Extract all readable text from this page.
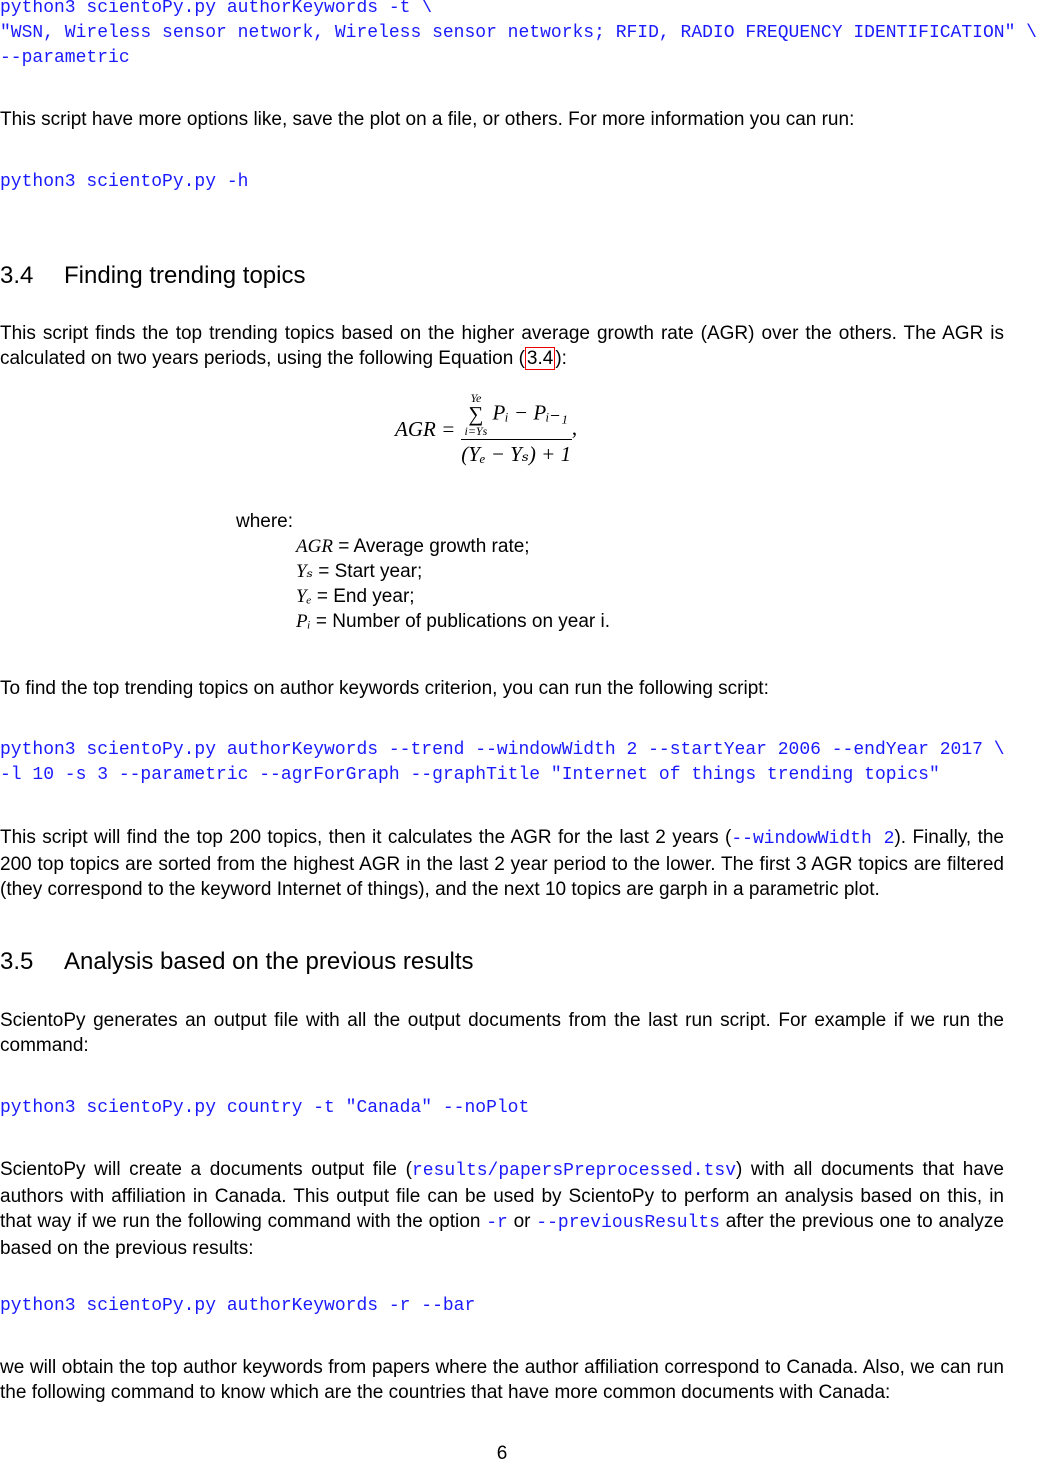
python3 scientoPy.py authorKeywords -t \
"WSN, Wireless sensor network, Wireless sensor networks; RFID, RADIO FREQUENCY IDENTIFICATION" \
--parametric
This script have more options like, save the plot on a file, or others. For more information you can run:
python3 scientoPy.py -h
3.4 Finding trending topics
This script finds the top trending topics based on the higher average growth rate (AGR) over the others. The AGR is calculated on two years periods, using the following Equation ( 3.4 ):
AGR = Ye
∑
i=Ys
Pᵢ − Pᵢ₋₁
(Yₑ − Yₛ) + 1 ,
where:
AGR = Average growth rate;
Yₛ = Start year;
Yₑ = End year;
Pᵢ = Number of publications on year i.
To find the top trending topics on author keywords criterion, you can run the following script:
python3 scientoPy.py authorKeywords --trend --windowWidth 2 --startYear 2006 --endYear 2017 \
-l 10 -s 3 --parametric --agrForGraph --graphTitle "Internet of things trending topics"
This script will find the top 200 topics, then it calculates the AGR for the last 2 years (--windowWidth 2). Finally, the 200 top topics are sorted from the highest AGR in the last 2 year period to the lower. The first 3 AGR topics are filtered (they correspond to the keyword Internet of things), and the next 10 topics are garph in a parametric plot.
3.5 Analysis based on the previous results
ScientoPy generates an output file with all the output documents from the last run script. For example if we run the command:
python3 scientoPy.py country -t "Canada" --noPlot
ScientoPy will create a documents output file (results/papersPreprocessed.tsv) with all documents that have authors with affiliation in Canada. This output file can be used by ScientoPy to perform an analysis based on this, in that way if we run the following command with the option -r or --previousResults after the previous one to analyze based on the previous results:
python3 scientoPy.py authorKeywords -r --bar
we will obtain the top author keywords from papers where the author affiliation correspond to Canada. Also, we can run the following command to know which are the countries that have more common documents with Canada:
6
